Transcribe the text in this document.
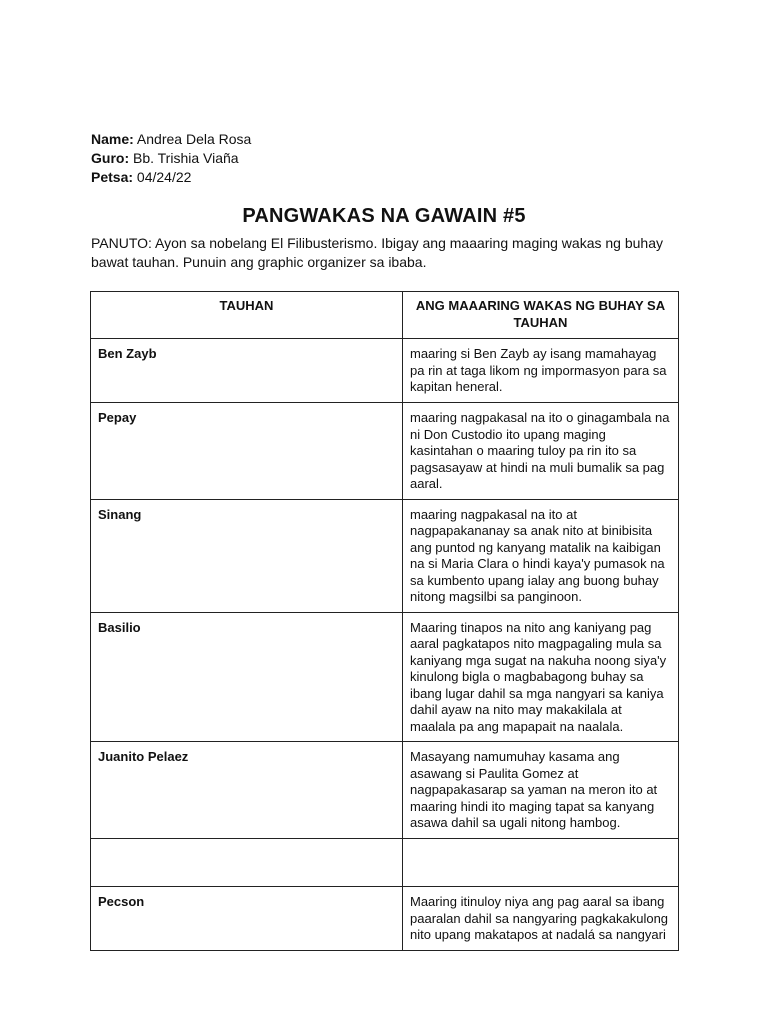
Name: Andrea Dela Rosa
Guro: Bb. Trishia Viaña
Petsa: 04/24/22
PANGWAKAS NA GAWAIN #5
PANUTO: Ayon sa nobelang El Filibusterismo. Ibigay ang maaaring maging wakas ng buhay bawat tauhan. Punuin ang graphic organizer sa ibaba.
TAUHAN	ANG MAAARING WAKAS NG BUHAY SA TAUHAN
Ben Zayb	maaring si Ben Zayb ay isang mamahayag pa rin at taga likom ng impormasyon para sa kapitan heneral.
Pepay	maaring nagpakasal na ito o ginagambala na ni Don Custodio ito upang maging kasintahan o maaring tuloy pa rin ito sa pagsasayaw at hindi na muli bumalik sa pag aaral.
Sinang	maaring nagpakasal na ito at nagpapakananay sa anak nito at binibisita ang puntod ng kanyang matalik na kaibigan na si Maria Clara o hindi kaya'y pumasok na sa kumbento upang ialay ang buong buhay nitong magsilbi sa panginoon.
Basilio	Maaring tinapos na nito ang kaniyang pag aaral pagkatapos nito magpagaling mula sa kaniyang mga sugat na nakuha noong siya'y kinulong bigla o magbabagong buhay sa ibang lugar dahil sa mga nangyari sa kaniya dahil ayaw na nito may makakilala at maalala pa ang mapapait na naalala.
Juanito Pelaez	Masayang namumuhay kasama ang asawang si Paulita Gomez at nagpapakasarap sa yaman na meron ito at maaring hindi ito maging tapat sa kanyang asawa dahil sa ugali nitong hambog.

Pecson	Maaring itinuloy niya ang pag aaral sa ibang paaralan dahil sa nangyaring pagkakakulong nito upang makatapos at nadalá sa nangyari
